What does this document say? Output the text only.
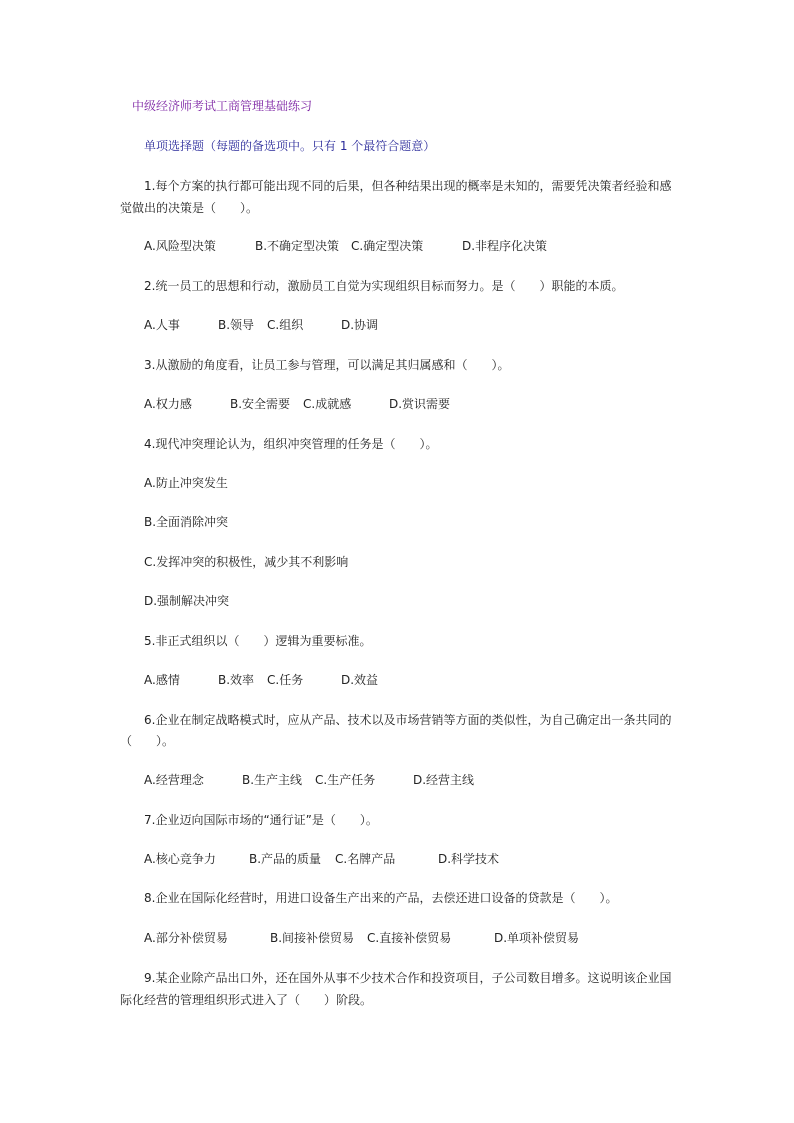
中级经济师考试工商管理基础练习
单项选择题（每题的备选项中。只有 1 个最符合题意）
1.每个方案的执行都可能出现不同的后果，但各种结果出现的概率是未知的，需要凭决策者经验和感
觉做出的决策是（　　）。
A.风险型决策	B.不确定型决策 C.确定型决策	D.非程序化决策
2.统一员工的思想和行动，激励员工自觉为实现组织目标而努力。是（　　）职能的本质。
A.人事	B.领导 C.组织	D.协调
3.从激励的角度看，让员工参与管理，可以满足其归属感和（　　）。
A.权力感	B.安全需要 C.成就感	D.赏识需要
4.现代冲突理论认为，组织冲突管理的任务是（　　）。
A.防止冲突发生
B.全面消除冲突
C.发挥冲突的积极性，减少其不利影响
D.强制解决冲突
5.非正式组织以（　　）逻辑为重要标准。
A.感情	B.效率 C.任务	D.效益
6.企业在制定战略模式时，应从产品、技术以及市场营销等方面的类似性，为自己确定出一条共同的
（　　）。
A.经营理念	B.生产主线 C.生产任务	D.经营主线
7.企业迈向国际市场的“通行证”是（　　）。
A.核心竞争力	B.产品的质量 C.名牌产品	D.科学技术
8.企业在国际化经营时，用进口设备生产出来的产品，去偿还进口设备的贷款是（　　）。
A.部分补偿贸易	B.间接补偿贸易 C.直接补偿贸易	D.单项补偿贸易
9.某企业除产品出口外，还在国外从事不少技术合作和投资项目，子公司数目增多。这说明该企业国
际化经营的管理组织形式进入了（　　）阶段。
